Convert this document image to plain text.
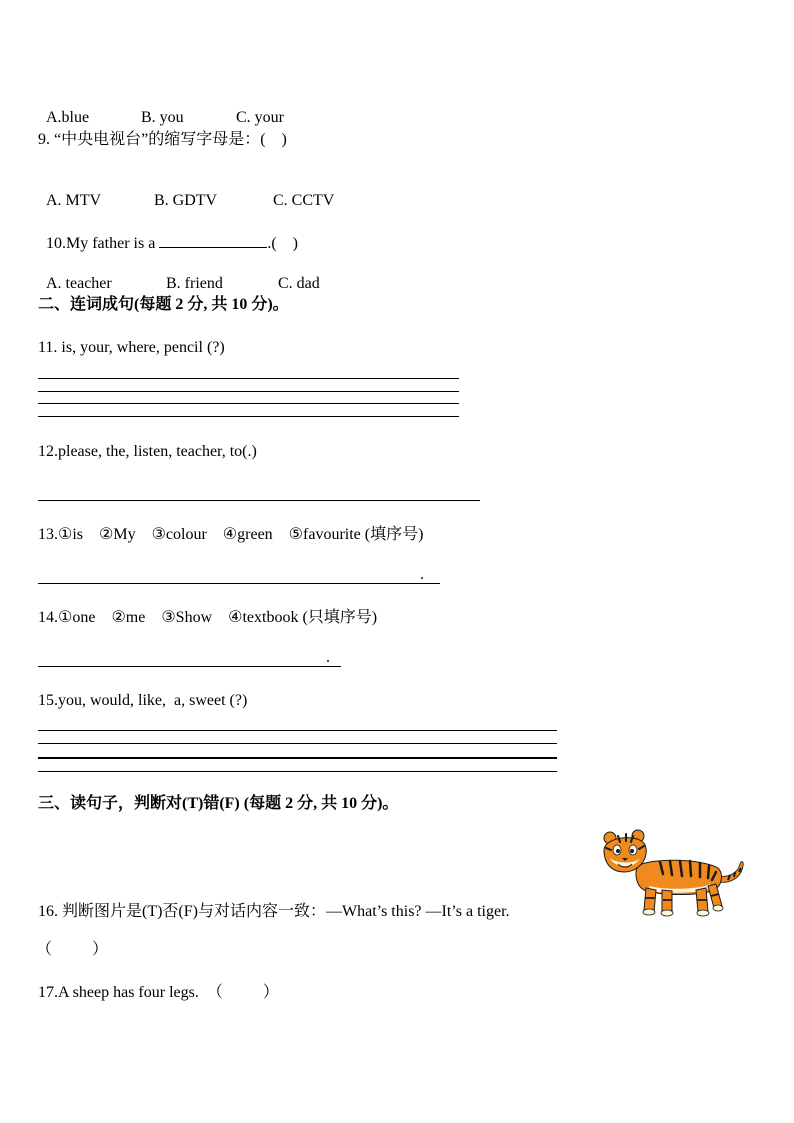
A.blue	B. you	C. your

9. “中央电视台”的缩写字母是：(    )

A. MTV	B. GDTV	C. CCTV

10.My father is a	.(    )

A. teacher	B. friend	C. dad

二、连词成句(每题 2 分, 共 10 分)。
11. is, your, where, pencil (?)
12.please, the, listen, teacher, to(.)
13.①is    ②My    ③colour    ④green    ⑤favourite (填序号)
.
14.①one    ②me    ③Show    ④textbook (只填序号)
.
15.you, would, like,  a, sweet (?)
三、读句子，判断对(T)错(F) (每题 2 分, 共 10 分)。
16. 判断图片是(T)否(F)与对话内容一致：—What’s this? —It’s a tiger.
（          ）
17.A sheep has four legs.  （          ）
